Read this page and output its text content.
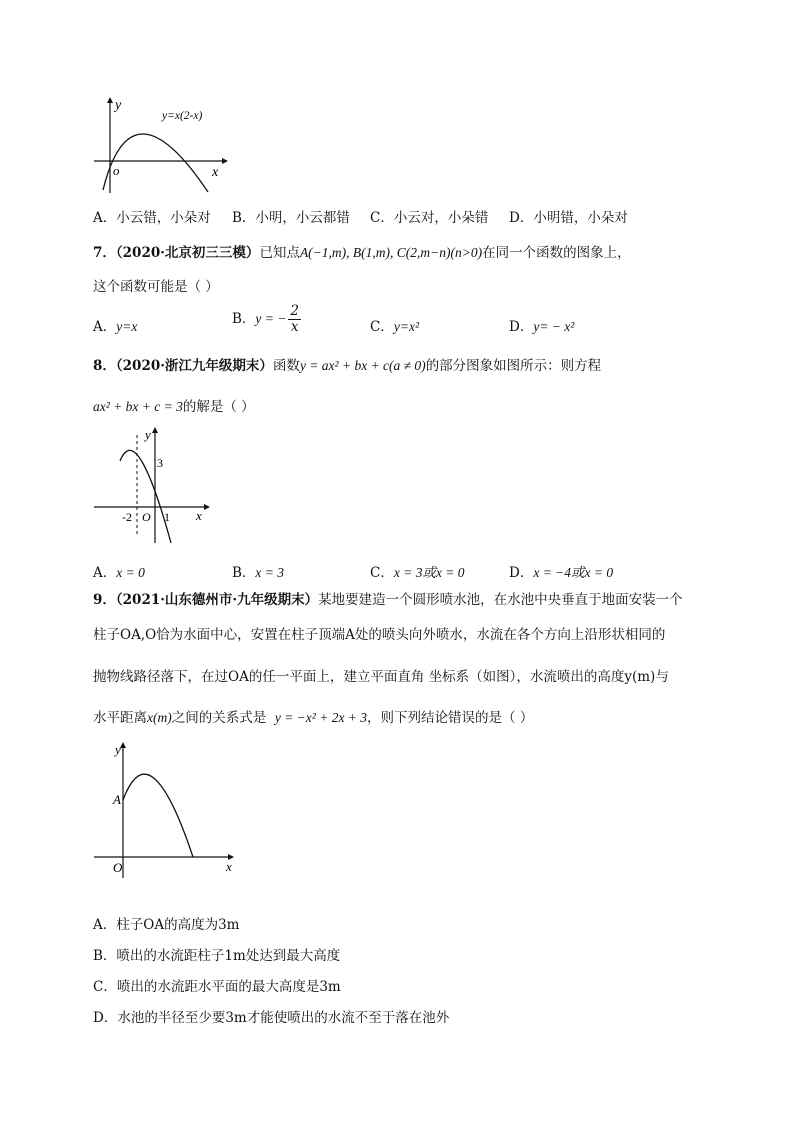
y
o	x
y=x(2-x)
A．小云错，小朵对 B．小明，小云都错 C．小云对，小朵错 D．小明错，小朵对
7．（2020·北京初三三模）已知点A(−1,m), B(1,m), C(2,m−n)(n>0)在同一个函数的图象上，
这个函数可能是（ ）
A．y=x	B．y = − $\frac{2}{x}$	C．y=x²	D．y= − x²
8．（2020·浙江九年级期末）函数y = ax² + bx + c(a ≠ 0)的部分图象如图所示：则方程
ax² + bx + c = 3的解是（ ）
y
3
-2 O 1 x
A．x = 0	B．x = 3	C．x = 3或x = 0	D．x = −4或x = 0
9．（2021·山东德州市·九年级期末）某地要建造一个圆形喷水池，在水池中央垂直于地面安装一个
柱子OA,O恰为水面中心，安置在柱子顶端A处的喷头向外喷水，水流在各个方向上沿形状相同的
抛物线路径落下，在过OA的任一平面上，建立平面直角 坐标系（如图），水流喷出的高度y(m)与
水平距离x(m)之间的关系式是 y = −x² + 2x + 3，则下列结论错误的是（ ）
y
A
O	x
A．柱子OA的高度为3m
B．喷出的水流距柱子1m处达到最大高度
C．喷出的水流距水平面的最大高度是3m
D．水池的半径至少要3m才能使喷出的水流不至于落在池外
